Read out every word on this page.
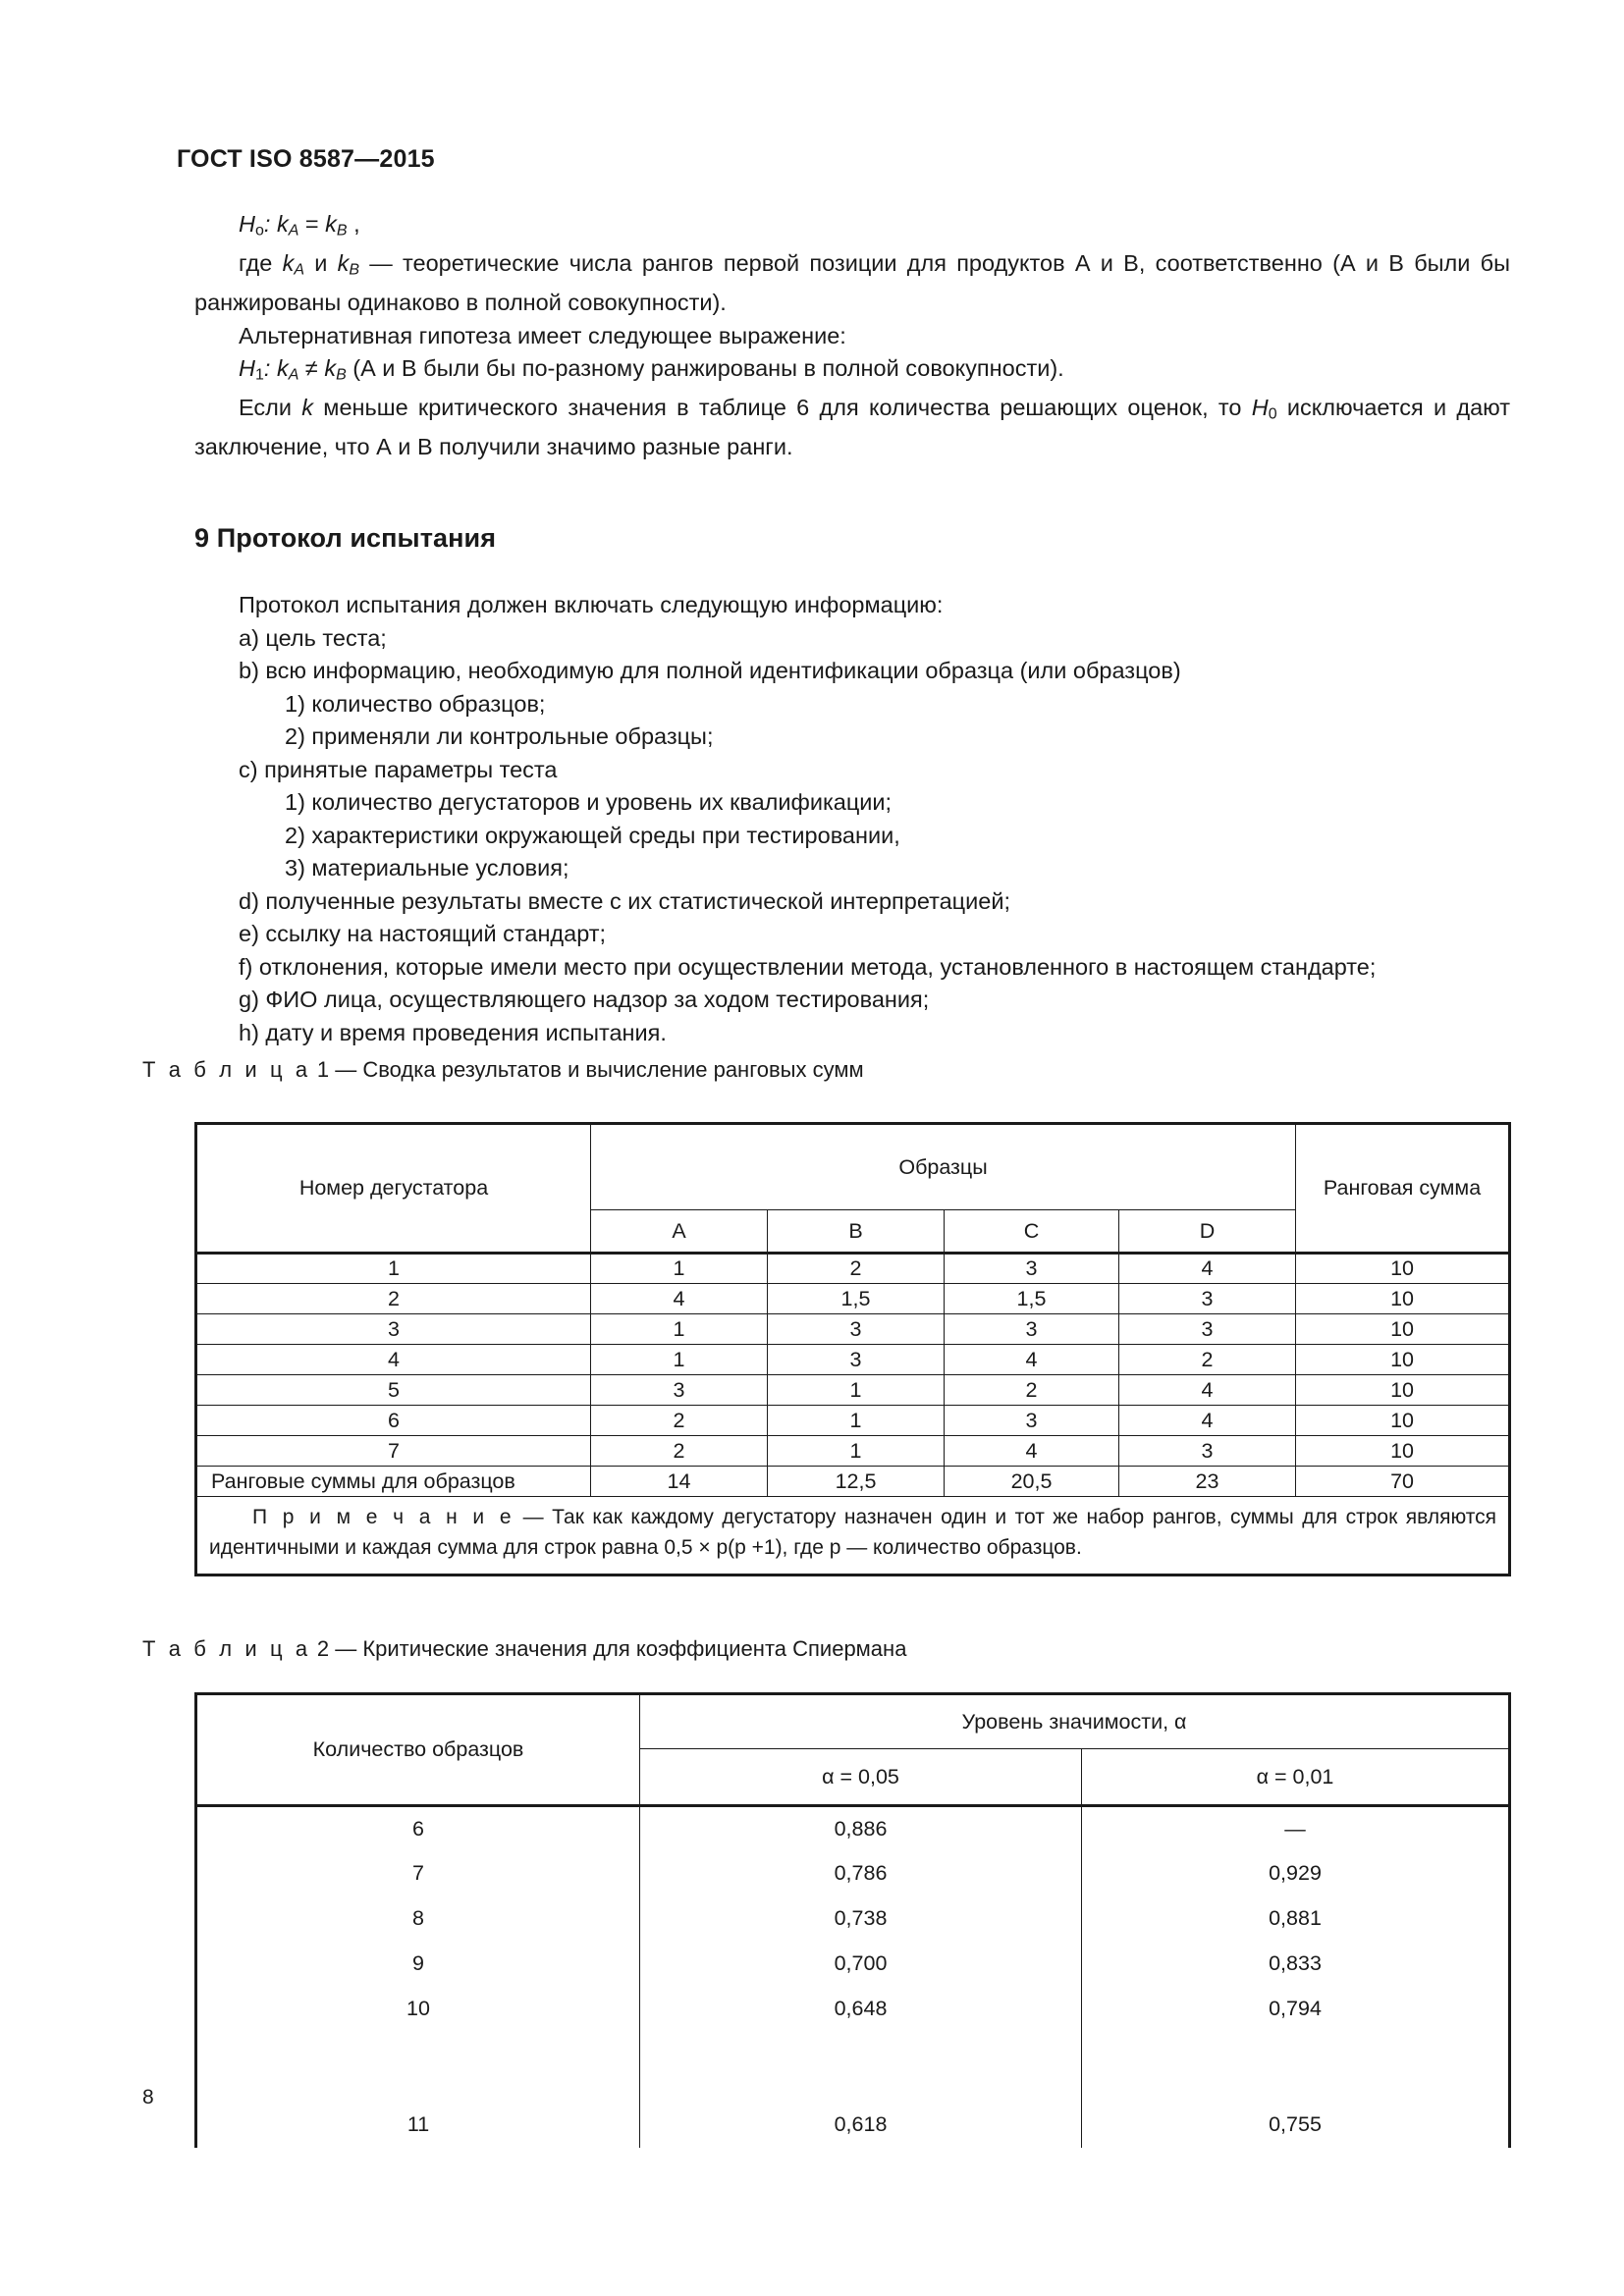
ГОСТ ISO 8587—2015

$H_о$: $k_A = k_B$ ,

где $k_A$ и $k_B$ — теоретические числа рангов первой позиции для продуктов А и В, соответственно (А и В были бы ранжированы одинаково в полной совокупности).

Альтернативная гипотеза имеет следующее выражение:

$H_1$: $k_A \ne k_B$ (А и В были бы по-разному ранжированы в полной совокупности).

Если k меньше критического значения в таблице 6 для количества решающих оценок, то $H_0$ исключается и дают заключение, что А и В получили значимо разные ранги.

9 Протокол испытания

Протокол испытания должен включать следующую информацию:

a) цель теста;

b) всю информацию, необходимую для полной идентификации образца (или образцов)

1) количество образцов;

2) применяли ли контрольные образцы;

c) принятые параметры теста

1) количество дегустаторов и уровень их квалификации;

2) характеристики окружающей среды при тестировании,

3) материальные условия;

d) полученные результаты вместе с их статистической интерпретацией;

e) ссылку на настоящий стандарт;

f) отклонения, которые имели место при осуществлении метода, установленного в настоящем стандарте;

g) ФИО лица, осуществляющего надзор за ходом тестирования;

h) дату и время проведения испытания.

Т а б л и ц а 1 — Сводка результатов и вычисление ранговых сумм
Номер дегустатора	Образцы				Ранговая сумма
	A	B	C	D	
1	1	2	3	4	10
2	4	1,5	1,5	3	10
3	1	3	3	3	10
4	1	3	4	2	10
5	3	1	2	4	10
6	2	1	3	4	10
7	2	1	4	3	10
Ранговые суммы для образцов	14	12,5	20,5	23	70
П р и м е ч а н и е — Так как каждому дегустатору назначен один и тот же набор рангов, суммы для строк являются идентичными и каждая сумма для строк равна 0,5 × p(p +1), где p — количество образцов.					
Т а б л и ц а 2 — Критические значения для коэффициента Спиермана
Количество образцов	Уровень значимости, α	
	α = 0,05	α = 0,01
6	0,886	—
7	0,786	0,929
8	0,738	0,881
9	0,700	0,833
10	0,648	0,794

11	0,618	0,755
8
